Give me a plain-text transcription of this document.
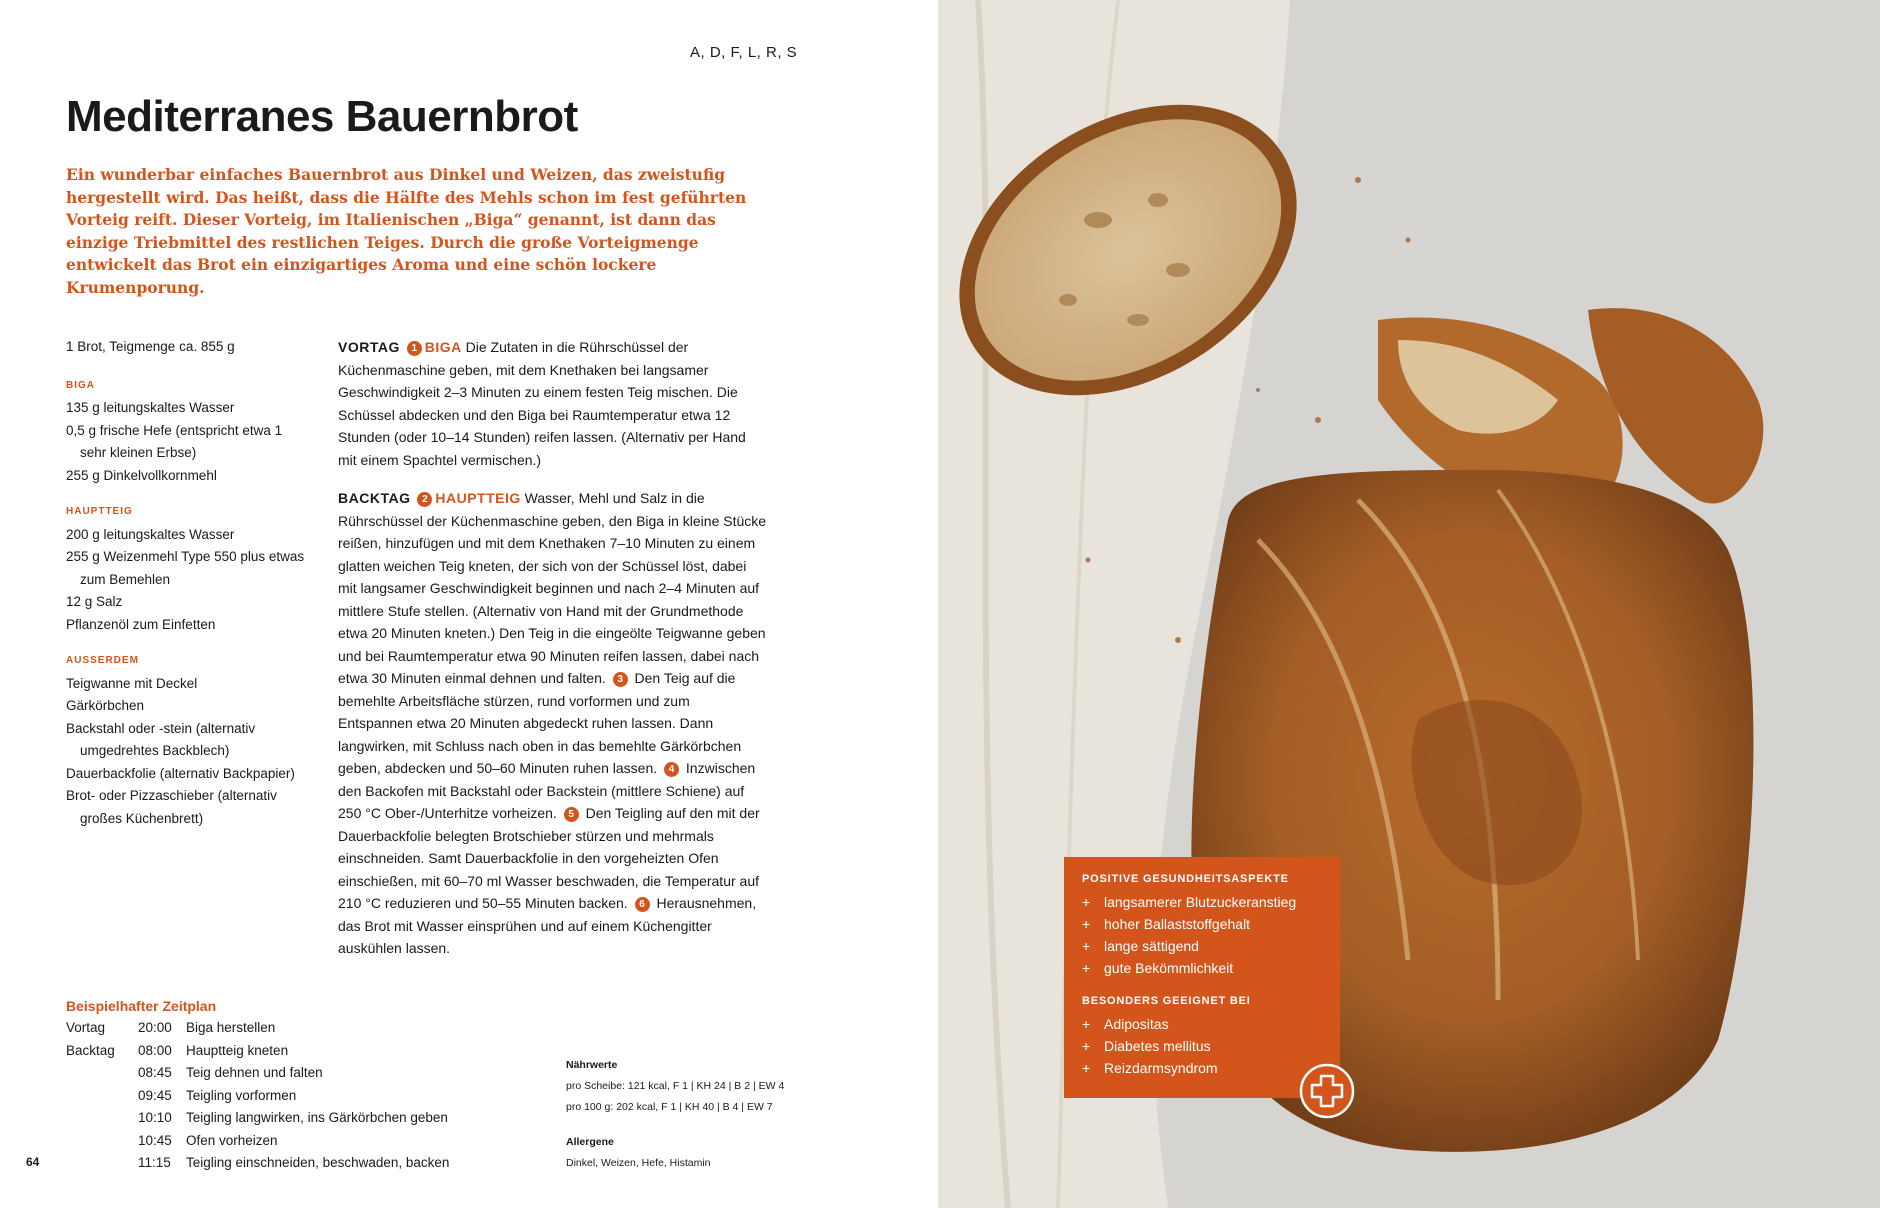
A, D, F, L, R, S
Mediterranes Bauernbrot

Ein wunderbar einfaches Bauernbrot aus Dinkel und Weizen, das zweistufig hergestellt wird. Das heißt, dass die Hälfte des Mehls schon im fest geführten Vorteig reift. Dieser Vorteig, im Italienischen „Biga“ genannt, ist dann das einzige Triebmittel des restlichen Teiges. Durch die große Vorteigmenge entwickelt das Brot ein einzigartiges Aroma und eine schön lockere Krumenporung.

1 Brot, Teigmenge ca. 855 g
BIGA
135 g leitungskaltes Wasser
0,5 g frische Hefe (entspricht etwa 1 sehr kleinen Erbse)
255 g Dinkelvollkornmehl
HAUPTTEIG
200 g leitungskaltes Wasser
255 g Weizenmehl Type 550 plus etwas zum Bemehlen
12 g Salz
Pflanzenöl zum Einfetten
AUSSERDEM
Teigwanne mit Deckel
Gärkörbchen
Backstahl oder -stein (alternativ umgedrehtes Backblech)
Dauerbackfolie (alternativ Backpapier)
Brot- oder Pizzaschieber (alternativ großes Küchenbrett)

VORTAG 1 BIGA Die Zutaten in die Rührschüssel der Küchenmaschine geben, mit dem Knethaken bei langsamer Geschwindigkeit 2–3 Minuten zu einem festen Teig mischen. Die Schüssel abdecken und den Biga bei Raumtemperatur etwa 12 Stunden (oder 10–14 Stunden) reifen lassen. (Alternativ per Hand mit einem Spachtel vermischen.)

BACKTAG 2 HAUPTTEIG Wasser, Mehl und Salz in die Rührschüssel der Küchenmaschine geben, den Biga in kleine Stücke reißen, hinzufügen und mit dem Knethaken 7–10 Minuten zu einem glatten weichen Teig kneten, der sich von der Schüssel löst, dabei mit langsamer Geschwindigkeit beginnen und nach 2–4 Minuten auf mittlere Stufe stellen. (Alternativ von Hand mit der Grundmethode etwa 20 Minuten kneten.) Den Teig in die eingeölte Teigwanne geben und bei Raumtemperatur etwa 90 Minuten reifen lassen, dabei nach etwa 30 Minuten einmal dehnen und falten. 3 Den Teig auf die bemehlte Arbeitsfläche stürzen, rund vorformen und zum Entspannen etwa 20 Minuten abgedeckt ruhen lassen. Dann langwirken, mit Schluss nach oben in das bemehlte Gärkörbchen geben, abdecken und 50–60 Minuten ruhen lassen. 4 Inzwischen den Backofen mit Backstahl oder Backstein (mittlere Schiene) auf 250 °C Ober-/Unterhitze vorheizen. 5 Den Teigling auf den mit der Dauerbackfolie belegten Brotschieber stürzen und mehrmals einschneiden. Samt Dauerbackfolie in den vorgeheizten Ofen einschießen, mit 60–70 ml Wasser beschwaden, die Temperatur auf 210 °C reduzieren und 50–55 Minuten backen. 6 Herausnehmen, das Brot mit Wasser einsprühen und auf einem Küchengitter auskühlen lassen.

Beispielhafter Zeitplan
Vortag 20:00 Biga herstellen
Backtag 08:00 Hauptteig kneten
08:45 Teig dehnen und falten
09:45 Teigling vorformen
10:10 Teigling langwirken, ins Gärkörbchen geben
10:45 Ofen vorheizen
11:15 Teigling einschneiden, beschwaden, backen
Nährwerte
pro Scheibe: 121 kcal, F 1 | KH 24 | B 2 | EW 4
pro 100 g: 202 kcal, F 1 | KH 40 | B 4 | EW 7
Allergene
Dinkel, Weizen, Hefe, Histamin
64
POSITIVE GESUNDHEITSASPEKTE
+ langsamerer Blutzuckeranstieg
+ hoher Ballaststoffgehalt
+ lange sättigend
+ gute Bekömmlichkeit
BESONDERS GEEIGNET BEI
+ Adipositas
+ Diabetes mellitus
+ Reizdarmsyndrom
